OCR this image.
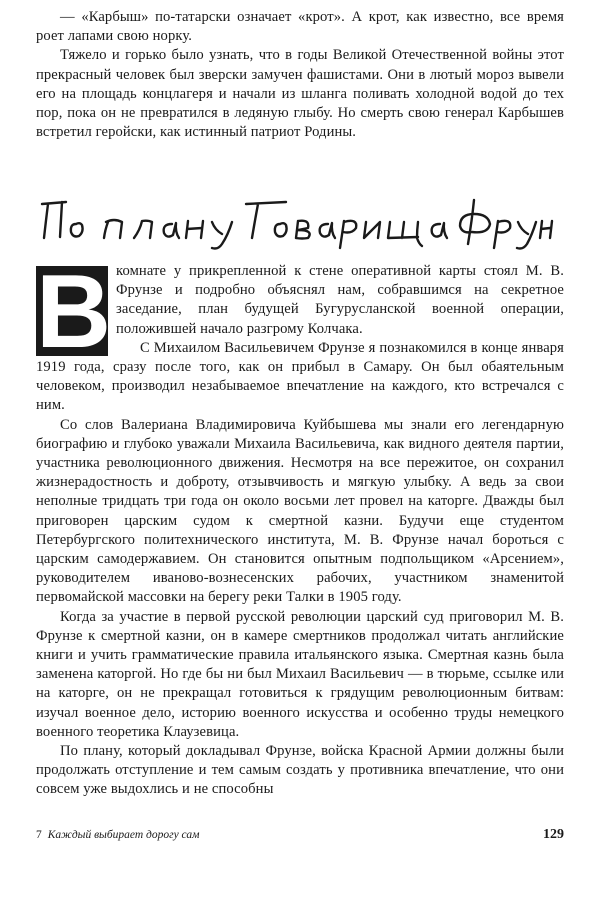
— «Карбыш» по-татарски означает «крот». А крот, как известно, все время роет лапами свою норку.

Тяжело и горько было узнать, что в годы Великой Отечественной войны этот прекрасный человек был зверски замучен фашистами. Они в лютый мороз вывели его на площадь концлагеря и начали из шланга поливать холодной водой до тех пор, пока он не превратился в ледяную глыбу. Но смерть свою генерал Карбышев встретил геройски, как истинный патриот Родины.

В комнате у прикрепленной к стене оперативной карты стоял М. В. Фрунзе и подробно объяснял нам, собравшимся на секретное заседание, план будущей Бугурусланской военной операции, положившей начало разгрому Колчака.

С Михаилом Васильевичем Фрунзе я познакомился в конце января 1919 года, сразу после того, как он прибыл в Самару. Он был обаятельным человеком, производил незабываемое впечатление на каждого, кто встречался с ним.

Со слов Валериана Владимировича Куйбышева мы знали его легендарную биографию и глубоко уважали Михаила Васильевича, как видного деятеля партии, участника революционного движения. Несмотря на все пережитое, он сохранил жизнерадостность и доброту, отзывчивость и мягкую улыбку. А ведь за свои неполные тридцать три года он около восьми лет провел на каторге. Дважды был приговорен царским судом к смертной казни. Будучи еще студентом Петербургского политехнического института, М. В. Фрунзе начал бороться с царским самодержавием. Он становится опытным подпольщиком «Арсением», руководителем иваново-вознесенских рабочих, участником знаменитой первомайской массовки на берегу реки Талки в 1905 году.

Когда за участие в первой русской революции царский суд приговорил М. В. Фрунзе к смертной казни, он в камере смертников продолжал читать английские книги и учить грамматические правила итальянского языка. Смертная казнь была заменена каторгой. Но где бы ни был Михаил Васильевич — в тюрьме, ссылке или на каторге, он не прекращал готовиться к грядущим революционным битвам: изучал военное дело, историю военного искусства и особенно труды немецкого военного теоретика Клаузевица.

По плану, который докладывал Фрунзе, войска Красной Армии должны были продолжать отступление и тем самым создать у противника впечатление, что они совсем уже выдохлись и не способны

7 Каждый выбирает дорогу сам	129
